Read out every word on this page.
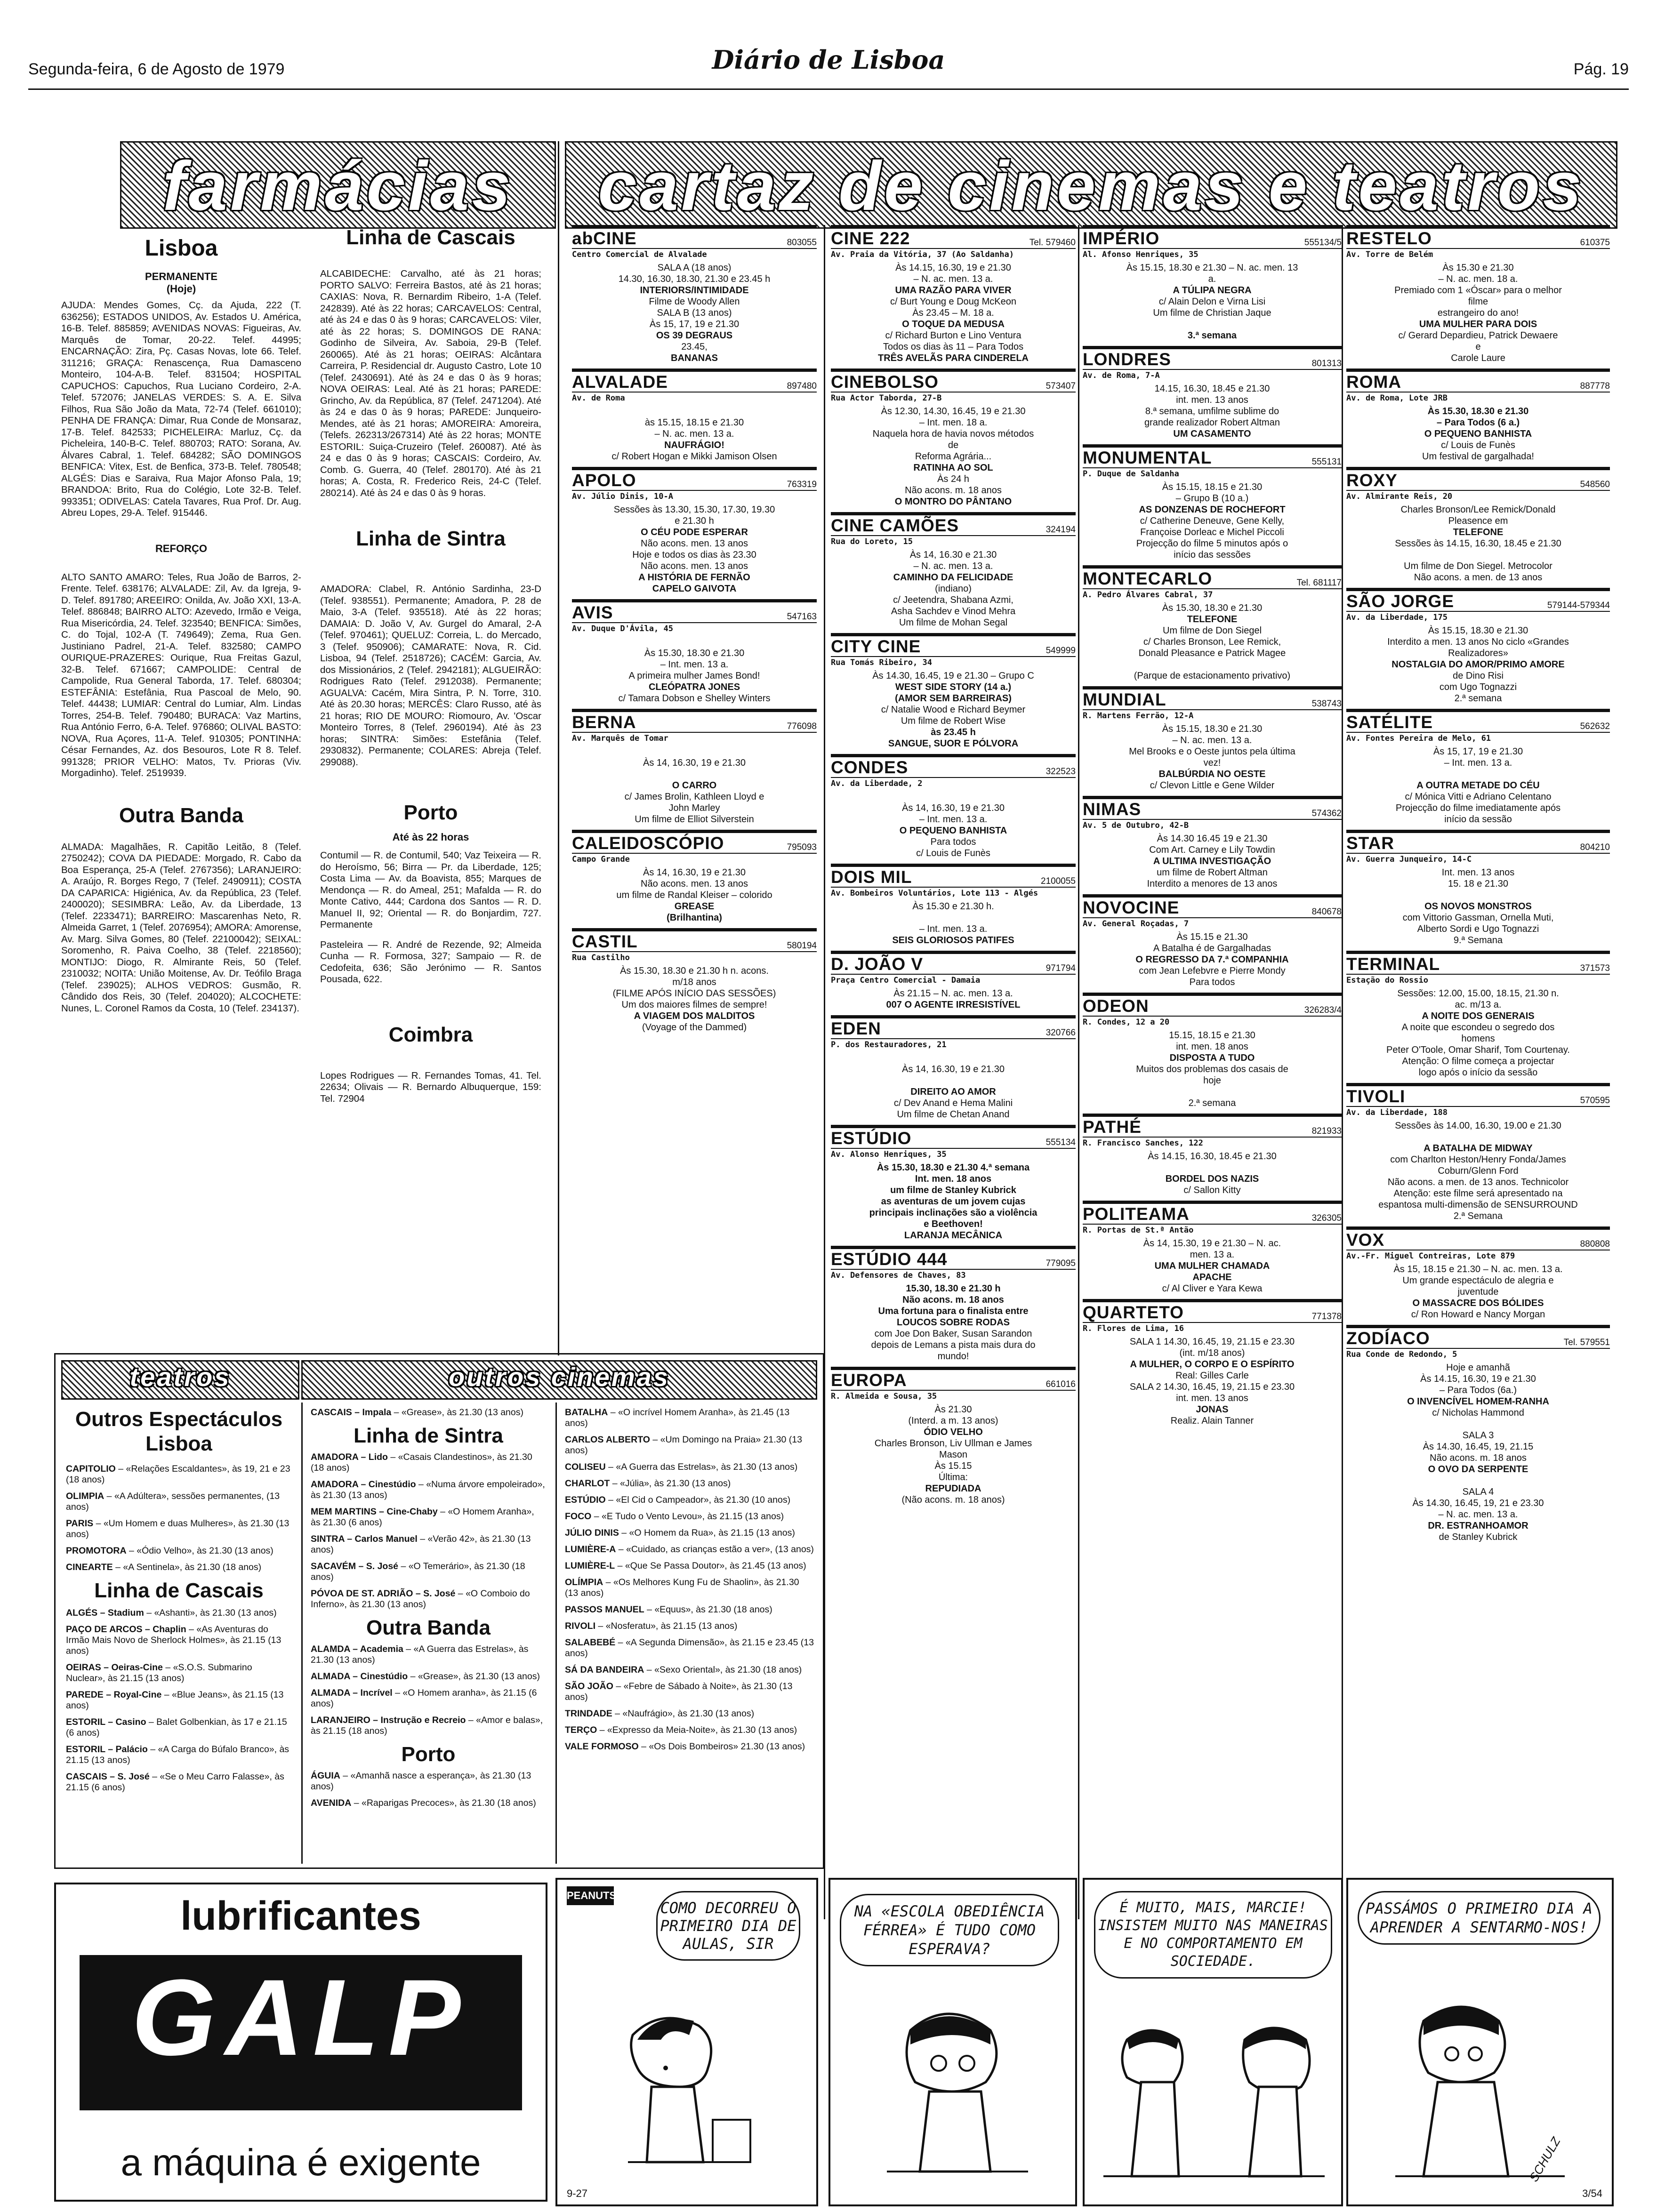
Segunda-feira, 6 de Agosto de 1979	Diário de Lisboa	Pág. 19
farmácias	cartaz de cinemas e teatros
Lisboa
PERMANENTE
(Hoje)
AJUDA: Mendes Gomes, Cç. da Ajuda, 222 (T. 636256); ESTADOS UNIDOS, Av. Estados U. América, 16-B. Telef. 885859; AVENIDAS NOVAS: Figueiras, Av. Marquês de Tomar, 20-22. Telef. 44995; ENCARNAÇÃO: Zira, Pç. Casas Novas, lote 66. Telef. 311216; GRAÇA: Renascença, Rua Damasceno Monteiro, 104-A-B. Telef. 831504; HOSPITAL CAPUCHOS: Capuchos, Rua Luciano Cordeiro, 2-A. Telef. 572076; JANELAS VERDES: S. A. E. Silva Filhos, Rua São João da Mata, 72-74 (Telef. 661010); PENHA DE FRANÇA: Dimar, Rua Conde de Monsaraz, 17-B. Telef. 842533; PICHELEIRA: Marluz, Cç. da Picheleira, 140-B-C. Telef. 880703; RATO: Sorana, Av. Álvares Cabral, 1. Telef. 684282; SÃO DOMINGOS BENFICA: Vitex, Est. de Benfica, 373-B. Telef. 780548; ALGÉS: Dias e Saraiva, Rua Major Afonso Pala, 19; BRANDOA: Brito, Rua do Colégio, Lote 32-B. Telef. 993351; ODIVELAS: Catela Tavares, Rua Prof. Dr. Aug. Abreu Lopes, 29-A. Telef. 915446.
REFORÇO
ALTO SANTO AMARO: Teles, Rua João de Barros, 2-Frente. Telef. 638176; ALVALADE: Zil, Av. da Igreja, 9-D. Telef. 891780; AREEIRO: Onilda, Av. João XXI, 13-A. Telef. 886848; BAIRRO ALTO: Azevedo, Irmão e Veiga, Rua Misericórdia, 24. Telef. 323540; BENFICA: Simões, C. do Tojal, 102-A (T. 749649); Zema, Rua Gen. Justiniano Padrel, 21-A. Telef. 832580; CAMPO OURIQUE-PRAZERES: Ourique, Rua Freitas Gazul, 32-B. Telef. 671667; CAMPOLIDE: Central de Campolide, Rua General Taborda, 17. Telef. 680304; ESTEFÂNIA: Estefânia, Rua Pascoal de Melo, 90. Telef. 44438; LUMIAR: Central do Lumiar, Alm. Lindas Torres, 254-B. Telef. 790480; BURACA: Vaz Martins, Rua António Ferro, 6-A. Telef. 976860; OLIVAL BASTO: NOVA, Rua Açores, 11-A. Telef. 910305; PONTINHA: César Fernandes, Az. dos Besouros, Lote R 8. Telef. 991328; PRIOR VELHO: Matos, Tv. Prioras (Viv. Morgadinho). Telef. 2519939.
Outra Banda
ALMADA: Magalhães, R. Capitão Leitão, 8 (Telef. 2750242); COVA DA PIEDADE: Morgado, R. Cabo da Boa Esperança, 25-A (Telef. 2767356); LARANJEIRO: A. Araújo, R. Borges Rego, 7 (Telef. 2490911); COSTA DA CAPARICA: Higiénica, Av. da República, 23 (Telef. 2400020); SESIMBRA: Leão, Av. da Liberdade, 13 (Telef. 2233471); BARREIRO: Mascarenhas Neto, R. Almeida Garret, 1 (Telef. 2076954); AMORA: Amorense, Av. Marg. Silva Gomes, 80 (Telef. 22100042); SEIXAL: Soromenho, R. Paiva Coelho, 38 (Telef. 2218560); MONTIJO: Diogo, R. Almirante Reis, 50 (Telef. 2310032; NOITA: União Moitense, Av. Dr. Teófilo Braga (Telef. 239025); ALHOS VEDROS: Gusmão, R. Cândido dos Reis, 30 (Telef. 204020); ALCOCHETE: Nunes, L. Coronel Ramos da Costa, 10 (Telef. 234137).
Linha de Cascais
ALCABIDECHE: Carvalho, até às 21 horas; PORTO SALVO: Ferreira Bastos, até às 21 horas; CAXIAS: Nova, R. Bernardim Ribeiro, 1-A (Telef. 242839). Até às 22 horas; CARCAVELOS: Central, até às 24 e das 0 às 9 horas; CARCAVELOS: Viler, até às 22 horas; S. DOMINGOS DE RANA: Godinho de Silveira, Av. Saboia, 29-B (Telef. 260065). Até às 21 horas; OEIRAS: Alcântara Carreira, P. Residencial dr. Augusto Castro, Lote 10 (Telef. 2430691). Até às 24 e das 0 às 9 horas; NOVA OEIRAS: Leal. Até às 21 horas; PAREDE: Grincho, Av. da República, 87 (Telef. 2471204). Até às 24 e das 0 às 9 horas; PAREDE: Junqueiro-Mendes, até às 21 horas; AMOREIRA: Amoreira, (Telefs. 262313/267314) Até às 22 horas; MONTE ESTORIL: Suiça-Cruzeiro (Telef. 260087). Até às 24 e das 0 às 9 horas; CASCAIS: Cordeiro, Av. Comb. G. Guerra, 40 (Telef. 280170). Até às 21 horas; A. Costa, R. Frederico Reis, 24-C (Telef. 280214). Até às 24 e das 0 às 9 horas.
Linha de Sintra
AMADORA: Clabel, R. António Sardinha, 23-D (Telef. 938551). Permanente; Amadora, P. 28 de Maio, 3-A (Telef. 935518). Até às 22 horas; DAMAIA: D. João V, Av. Gurgel do Amaral, 2-A (Telef. 970461); QUELUZ: Correia, L. do Mercado, 3 (Telef. 950906); CAMARATE: Nova, R. Cid. Lisboa, 94 (Telef. 2518726); CACÉM: Garcia, Av. dos Missionários, 2 (Telef. 2942181); ALGUEIRÃO: Rodrigues Rato (Telef. 2912038). Permanente; AGUALVA: Cacém, Mira Sintra, P. N. Torre, 310. Até às 20.30 horas; MERCÊS: Claro Russo, até às 21 horas; RIO DE MOURO: Riomouro, Av. 'Oscar Monteiro Torres, 8 (Telef. 2960194). Até às 23 horas; SINTRA: Simões: Estefânia (Telef. 2930832). Permanente; COLARES: Abreja (Telef. 299088).
Porto
Até às 22 horas
Contumil — R. de Contumil, 540; Vaz Teixeira — R. do Heroísmo, 56; Birra — Pr. da Liberdade, 125; Costa Lima — Av. da Boavista, 855; Marques de Mendonça — R. do Ameal, 251; Mafalda — R. do Monte Cativo, 444; Cardona dos Santos — R. D. Manuel II, 92; Oriental — R. do Bonjardim, 727. Permanente
Pasteleira — R. André de Rezende, 92; Almeida Cunha — R. Formosa, 327; Sampaio — R. de Cedofeita, 636; São Jerónimo — R. Santos Pousada, 622.
Coimbra
Lopes Rodrigues — R. Fernandes Tomas, 41. Tel. 22634; Olivais — R. Bernardo Albuquerque, 159: Tel. 72904
abCINE	803055
Centro Comercial de Alvalade
SALA A (18 anos)
14.30, 16.30, 18.30, 21.30 e 23.45 h
INTERIORS/INTIMIDADE
Filme de Woody Allen
SALA B (13 anos)
Às 15, 17, 19 e 21.30
OS 39 DEGRAUS
23.45,
BANANAS
ALVALADE	897480
Av. de Roma

às 15.15, 18.15 e 21.30
– N. ac. men. 13 a.
NAUFRÁGIO!
c/ Robert Hogan e Mikki Jamison Olsen
APOLO	763319
Av. Júlio Dinis, 10-A
Sessões às 13.30, 15.30, 17.30, 19.30
e 21.30 h
O CÉU PODE ESPERAR
Não acons. men. 13 anos
Hoje e todos os dias às 23.30
Não acons. men. 13 anos
A HISTÓRIA DE FERNÃO
CAPELO GAIVOTA
AVIS	547163
Av. Duque D'Ávila, 45

Às 15.30, 18.30 e 21.30
– Int. men. 13 a.
A primeira mulher James Bond!
CLEÓPATRA JONES
c/ Tamara Dobson e Shelley Winters
BERNA	776098
Av. Marquês de Tomar

Às 14, 16.30, 19 e 21.30

O CARRO
c/ James Brolin, Kathleen Lloyd e
John Marley
Um filme de Elliot Silverstein
CALEIDOSCÓPIO	795093
Campo Grande
Às 14, 16.30, 19 e 21.30
Não acons. men. 13 anos
um filme de Randal Kleiser – colorido
GREASE
(Brilhantina)
CASTIL	580194
Rua Castilho
Às 15.30, 18.30 e 21.30 h n. acons.
m/18 anos
(FILME APÓS INÍCIO DAS SESSÕES)
Um dos maiores filmes de sempre!
A VIAGEM DOS MALDITOS
(Voyage of the Dammed)
CINE 222	Tel. 579460
Av. Praia da Vitória, 37 (Ao Saldanha)
Às 14.15, 16.30, 19 e 21.30
– N. ac. men. 13 a.
UMA RAZÃO PARA VIVER
c/ Burt Young e Doug McKeon
Às 23.45 – M. 18 a.
O TOQUE DA MEDUSA
c/ Richard Burton e Lino Ventura
Todos os dias às 11 – Para Todos
TRÊS AVELÃS PARA CINDERELA
CINEBOLSO	573407
Rua Actor Taborda, 27-B
Às 12.30, 14.30, 16.45, 19 e 21.30
– Int. men. 18 a.
Naquela hora de havia novos métodos
de
Reforma Agrária...
RATINHA AO SOL
Às 24 h
Não acons. m. 18 anos
O MONTRO DO PÂNTANO
CINE CAMÕES	324194
Rua do Loreto, 15
Às 14, 16.30 e 21.30
– N. ac. men. 13 a.
CAMINHO DA FELICIDADE
(indiano)
c/ Jeetendra, Shabana Azmi,
Asha Sachdev e Vinod Mehra
Um filme de Mohan Segal
CITY CINE	549999
Rua Tomás Ribeiro, 34
Às 14.30, 16.45, 19 e 21.30 – Grupo C
WEST SIDE STORY (14 a.)
(AMOR SEM BARREIRAS)
c/ Natalie Wood e Richard Beymer
Um filme de Robert Wise
às 23.45 h
SANGUE, SUOR E PÓLVORA
CONDES	322523
Av. da Liberdade, 2

Às 14, 16.30, 19 e 21.30
– Int. men. 13 a.
O PEQUENO BANHISTA
Para todos
c/ Louis de Funès
DOIS MIL	2100055
Av. Bombeiros Voluntários, Lote 113 - Algés
Às 15.30 e 21.30 h.

– Int. men. 13 a.
SEIS GLORIOSOS PATIFES
D. JOÃO V	971794
Praça Centro Comercial - Damaia
Às 21.15 – N. ac. men. 13 a.
007 O AGENTE IRRESISTÍVEL
EDEN	320766
P. dos Restauradores, 21

Às 14, 16.30, 19 e 21.30

DIREITO AO AMOR
c/ Dev Anand e Hema Malini
Um filme de Chetan Anand
ESTÚDIO	555134
Av. Alonso Henriques, 35
Às 15.30, 18.30 e 21.30 4.ª semana
Int. men. 18 anos
um filme de Stanley Kubrick
as aventuras de um jovem cujas
principais inclinações são a violência
e Beethoven!
LARANJA MECÂNICA
ESTÚDIO 444	779095
Av. Defensores de Chaves, 83
15.30, 18.30 e 21.30 h
Não acons. m. 18 anos
Uma fortuna para o finalista entre
LOUCOS SOBRE RODAS
com Joe Don Baker, Susan Sarandon
depois de Lemans a pista mais dura do
mundo!
EUROPA	661016
R. Almeida e Sousa, 35
Às 21.30
(Interd. a m. 13 anos)
ÓDIO VELHO
Charles Bronson, Liv Ullman e James
Mason
Às 15.15
Última:
REPUDIADA
(Não acons. m. 18 anos)
IMPÉRIO	555134/5
Al. Afonso Henriques, 35
Às 15.15, 18.30 e 21.30 – N. ac. men. 13
a.
A TÚLIPA NEGRA
c/ Alain Delon e Virna Lisi
Um filme de Christian Jaque

3.ª semana
LONDRES	801313
Av. de Roma, 7-A
14.15, 16.30, 18.45 e 21.30
int. men. 13 anos
8.ª semana, umfilme sublime do
grande realizador Robert Altman
UM CASAMENTO
MONUMENTAL	555131
P. Duque de Saldanha
Às 15.15, 18.15 e 21.30
– Grupo B (10 a.)
AS DONZENAS DE ROCHEFORT
c/ Catherine Deneuve, Gene Kelly,
Françoise Dorleac e Michel Piccoli
Projecção do filme 5 minutos após o
início das sessões
MONTECARLO	Tel. 681117
A. Pedro Álvares Cabral, 37
Às 15.30, 18.30 e 21.30
TELEFONE
Um filme de Don Siegel
c/ Charles Bronson, Lee Remick,
Donald Pleasance e Patrick Magee

(Parque de estacionamento privativo)
MUNDIAL	538743
R. Martens Ferrão, 12-A
Às 15.15, 18.30 e 21.30
– N. ac. men. 13 a.
Mel Brooks e o Oeste juntos pela última
vez!
BALBÚRDIA NO OESTE
c/ Clevon Little e Gene Wilder
NIMAS	574362
Av. 5 de Outubro, 42-B
Às 14.30 16.45 19 e 21.30
Com Art. Carney e Lily Towdin
A ULTIMA INVESTIGAÇÃO
um filme de Robert Altman
Interdito a menores de 13 anos
NOVOCINE	840678
Av. General Roçadas, 7
Às 15.15 e 21.30
A Batalha é de Gargalhadas
O REGRESSO DA 7.ª COMPANHIA
com Jean Lefebvre e Pierre Mondy
Para todos
ODEON	326283/4
R. Condes, 12 a 20
15.15, 18.15 e 21.30
int. men. 18 anos
DISPOSTA A TUDO
Muitos dos problemas dos casais de
hoje

2.ª semana
PATHÉ	821933
R. Francisco Sanches, 122
Às 14.15, 16.30, 18.45 e 21.30

BORDEL DOS NAZIS
c/ Sallon Kitty
POLITEAMA	326305
R. Portas de St.ª Antão
Às 14, 15.30, 19 e 21.30 – N. ac.
men. 13 a.
UMA MULHER CHAMADA
APACHE
c/ Al Cliver e Yara Kewa
QUARTETO	771378
R. Flores de Lima, 16
SALA 1 14.30, 16.45, 19, 21.15 e 23.30
(int. m/18 anos)
A MULHER, O CORPO E O ESPÍRITO
Real: Gilles Carle
SALA 2 14.30, 16.45, 19, 21.15 e 23.30
int. men. 13 anos
JONAS
Realiz. Alain Tanner
RESTELO	610375
Av. Torre de Belém
Às 15.30 e 21.30
– N. ac. men. 18 a.
Premiado com 1 «Óscar» para o melhor
filme
estrangeiro do ano!
UMA MULHER PARA DOIS
c/ Gerard Depardieu, Patrick Dewaere
e
Carole Laure
ROMA	887778
Av. de Roma, Lote JRB
Às 15.30, 18.30 e 21.30
– Para Todos (6 a.)
O PEQUENO BANHISTA
c/ Louis de Funès
Um festival de gargalhada!
ROXY	548560
Av. Almirante Reis, 20
Charles Bronson/Lee Remick/Donald
Pleasence em
TELEFONE
Sessões às 14.15, 16.30, 18.45 e 21.30

Um filme de Don Siegel. Metrocolor
Não acons. a men. de 13 anos
SÃO JORGE	579144-579344
Av. da Liberdade, 175
Às 15.15, 18.30 e 21.30
Interdito a men. 13 anos No ciclo «Grandes
Realizadores»
NOSTALGIA DO AMOR/PRIMO AMORE
de Dino Risi
com Ugo Tognazzi
2.ª semana
SATÉLITE	562632
Av. Fontes Pereira de Melo, 61
Às 15, 17, 19 e 21.30
– Int. men. 13 a.

A OUTRA METADE DO CÉU
c/ Mónica Vitti e Adriano Celentano
Projecção do filme imediatamente após
início da sessão
STAR	804210
Av. Guerra Junqueiro, 14-C
Int. men. 13 anos
15. 18 e 21.30

OS NOVOS MONSTROS
com Vittorio Gassman, Ornella Muti,
Alberto Sordi e Ugo Tognazzi
9.ª Semana
TERMINAL	371573
Estação do Rossio
Sessões: 12.00, 15.00, 18.15, 21.30 n.
ac. m/13 a.
A NOITE DOS GENERAIS
A noite que escondeu o segredo dos
homens
Peter O'Toole, Omar Sharif, Tom Courtenay.
Atenção: O filme começa a projectar
logo após o início da sessão
TIVOLI	570595
Av. da Liberdade, 188
Sessões às 14.00, 16.30, 19.00 e 21.30

A BATALHA DE MIDWAY
com Charlton Heston/Henry Fonda/James
Coburn/Glenn Ford
Não acons. a men. de 13 anos. Technicolor
Atenção: este filme será apresentado na
espantosa multi-dimensão de SENSURROUND
2.ª Semana
VOX	880808
Av.-Fr. Miguel Contreiras, Lote 879
Às 15, 18.15 e 21.30 – N. ac. men. 13 a.
Um grande espectáculo de alegria e
juventude
O MASSACRE DOS BÓLIDES
c/ Ron Howard e Nancy Morgan
ZODÍACO	Tel. 579551
Rua Conde de Redondo, 5
Hoje e amanhã
Às 14.15, 16.30, 19 e 21.30
– Para Todos (6a.)
O INVENCÍVEL HOMEM-RANHA
c/ Nicholas Hammond

SALA 3
Às 14.30, 16.45, 19, 21.15
Não acons. m. 18 anos
O OVO DA SERPENTE

SALA 4
Às 14.30, 16.45, 19, 21 e 23.30
– N. ac. men. 13 a.
DR. ESTRANHOAMOR
de Stanley Kubrick
teatros	outros cinemas
Outros Espectáculos Lisboa
CAPITOLIO – «Relações Escaldantes», às 19, 21 e 23 (18 anos)
OLIMPIA – «A Adúltera», sessões permanentes, (13 anos)
PARIS – «Um Homem e duas Mulheres», às 21.30 (13 anos)
PROMOTORA – «Ódio Velho», às 21.30 (13 anos)
CINEARTE – «A Sentinela», às 21.30 (18 anos)
Linha de Cascais
ALGÉS – Stadium – «Ashanti», às 21.30 (13 anos)
PAÇO DE ARCOS – Chaplin – «As Aventuras do Irmão Mais Novo de Sherlock Holmes», às 21.15 (13 anos)
OEIRAS – Oeiras-Cine – «S.O.S. Submarino Nuclear», às 21.15 (13 anos)
PAREDE – Royal-Cine – «Blue Jeans», às 21.15 (13 anos)
ESTORIL – Casino – Balet Golbenkian, às 17 e 21.15 (6 anos)
ESTORIL – Palácio – «A Carga do Búfalo Branco», às 21.15 (13 anos)
CASCAIS – S. José – «Se o Meu Carro Falasse», às 21.15 (6 anos)
CASCAIS – Impala – «Grease», às 21.30 (13 anos)
Linha de Sintra
AMADORA – Lido – «Casais Clandestinos», às 21.30 (18 anos)
AMADORA – Cinestúdio – «Numa árvore empoleirado», às 21.30 (13 anos)
MEM MARTINS – Cine-Chaby – «O Homem Aranha», às 21.30 (6 anos)
SINTRA – Carlos Manuel – «Verão 42», às 21.30 (13 anos)
SACAVÉM – S. José – «O Temerário», às 21.30 (18 anos)
PÓVOA DE ST. ADRIÃO – S. José – «O Comboio do Inferno», às 21.30 (13 anos)
Outra Banda
ALAMDA – Academia – «A Guerra das Estrelas», às 21.30 (13 anos)
ALMADA – Cinestúdio – «Grease», às 21.30 (13 anos)
ALMADA – Incrível – «O Homem aranha», às 21.15 (6 anos)
LARANJEIRO – Instrução e Recreio – «Amor e balas», às 21.15 (18 anos)
Porto
ÁGUIA – «Amanhã nasce a esperança», às 21.30 (13 anos)
AVENIDA – «Raparigas Precoces», às 21.30 (18 anos)
BATALHA – «O incrível Homem Aranha», às 21.45 (13 anos)
CARLOS ALBERTO – «Um Domingo na Praia» 21.30 (13 anos)
COLISEU – «A Guerra das Estrelas», às 21.30 (13 anos)
CHARLOT – «Júlia», às 21.30 (13 anos)
ESTÚDIO – «El Cid o Campeador», às 21.30 (10 anos)
FOCO – «E Tudo o Vento Levou», às 21.15 (13 anos)
JÚLIO DINIS – «O Homem da Rua», às 21.15 (13 anos)
LUMIÈRE-A – «Cuidado, as crianças estão a ver», (13 anos)
LUMIÈRE-L – «Que Se Passa Doutor», às 21.45 (13 anos)
OLÍMPIA – «Os Melhores Kung Fu de Shaolin», às 21.30 (13 anos)
PASSOS MANUEL – «Equus», às 21.30 (18 anos)
RIVOLI – «Nosferatu», às 21.15 (13 anos)
SALABEBÉ – «A Segunda Dimensão», às 21.15 e 23.45 (13 anos)
SÁ DA BANDEIRA – «Sexo Oriental», às 21.30 (18 anos)
SÃO JOÃO – «Febre de Sábado à Noite», às 21.30 (13 anos)
TRINDADE – «Naufrágio», às 21.30 (13 anos)
TERÇO – «Expresso da Meia-Noite», às 21.30 (13 anos)
VALE FORMOSO – «Os Dois Bombeiros» 21.30 (13 anos)
lubrificantes
GALP
a máquina é exigente
PEANUTS
COMO DECORREU O PRIMEIRO DIA DE AULAS, SIR
9-27
NA «ESCOLA OBEDIÊNCIA FÉRREA» É TUDO COMO ESPERAVA?
É MUITO, MAIS, MARCIE! INSISTEM MUITO NAS MANEIRAS E NO COMPORTAMENTO EM SOCIEDADE.
PASSÁMOS O PRIMEIRO DIA A APRENDER A SENTARMO-NOS!
SCHULZ
3/54
